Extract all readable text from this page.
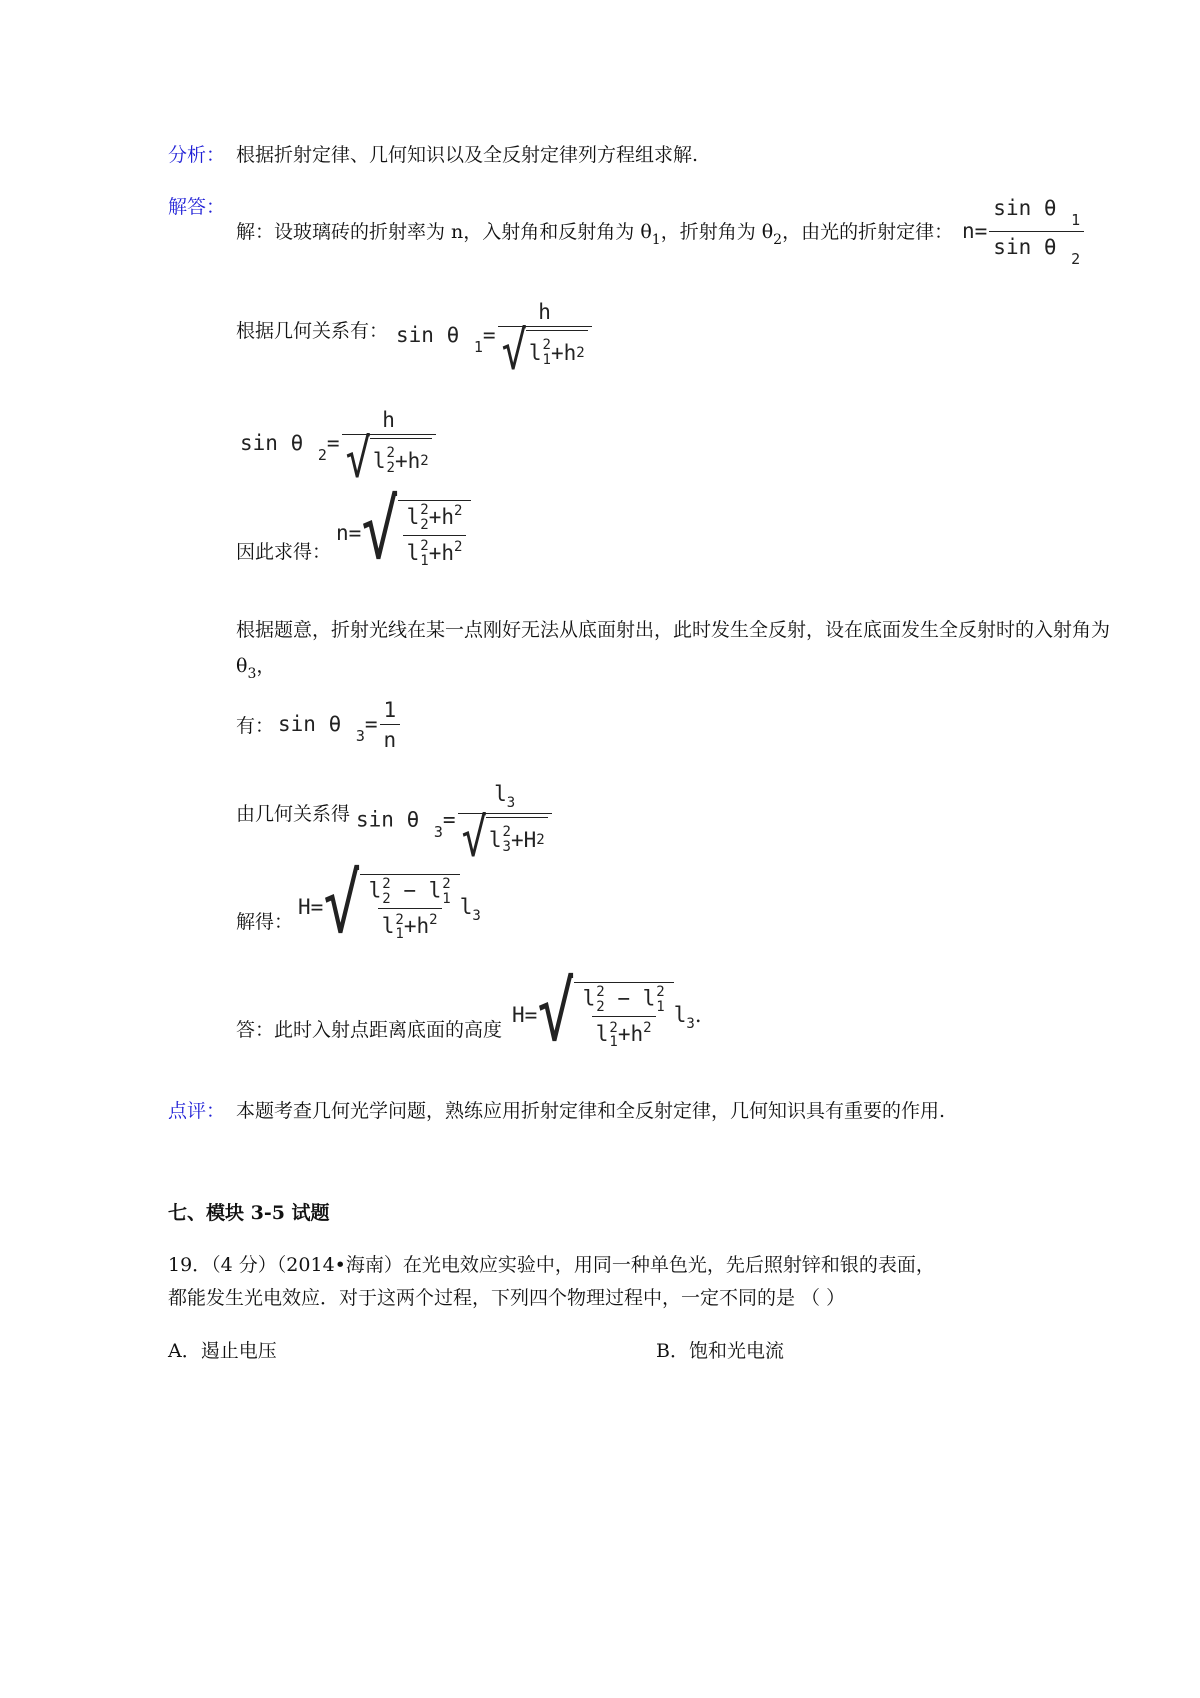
分析： 根据折射定律、几何知识以及全反射定律列方程组求解.
解答：
解：设玻璃砖的折射率为 n，入射角和反射角为 $\theta_1$，折射角为 $\theta_2$，由光的折射定律： $n= \frac{\sin \theta _1}{\sin \theta _2}$
根据几何关系有： sin θ $_1$= h
√ l 2
1 +h 2
sin θ $_2$= h
√ l 2
2 +h 2
因此求得：
n= √ l 2
$2 +h^2$
l 2
$1 +h^2$
根据题意，折射光线在某一点刚好无法从底面射出，此时发生全反射，设在底面发生全反射时的入射角为
$\theta_3$，
有： sin θ $_3= \frac{1}{n}$
由几何关系得 sin θ $_3= l_3$
√ l 2
3 +H 2
解得：
H= √ l 2
2 − l 2
1
l 2
$1 +h^2$ $l_3$
答：此时入射点距离底面的高度
H= √ l 2
2 − l 2
1
l 2
$1 +h^2$ $l_3$.
点评： 本题考查几何光学问题，熟练应用折射定律和全反射定律，几何知识具有重要的作用.
七、模块 3-5 试题
19．（4 分）（2014•海南）在光电效应实验中，用同一种单色光，先后照射锌和银的表面，
都能发生光电效应．对于这两个过程，下列四个物理过程中，一定不同的是 （ ）
A．遏止电压	B．饱和光电流
